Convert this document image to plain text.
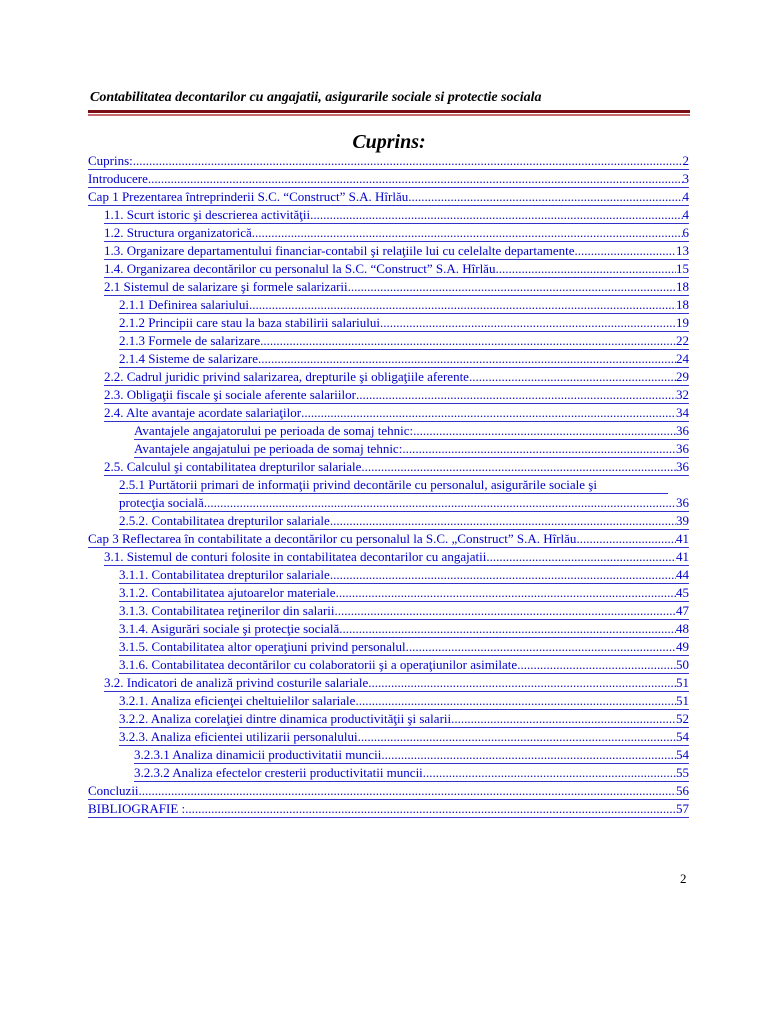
Contabilitatea decontarilor cu angajatii, asigurarile sociale si protectie sociala
Cuprins:
Cuprins: .....	2
Introducere .....	3
Cap 1 Prezentarea întreprinderii S.C. “Construct” S.A. Hîrlău .....	4
1.1. Scurt istoric şi descrierea activităţii .....	4
1.2. Structura organizatorică .....	6
1.3. Organizare departamentului financiar-contabil şi relaţiile lui cu celelalte departamente .....	13
1.4. Organizarea decontărilor cu personalul la S.C. “Construct” S.A. Hîrlău .....	15
2.1 Sistemul de salarizare şi formele salarizarii .....	18
2.1.1 Definirea salariului .....	18
2.1.2 Principii care stau la baza stabilirii salariului .....	19
2.1.3 Formele de salarizare .....	22
2.1.4 Sisteme de salarizare .....	24
2.2. Cadrul juridic privind salarizarea, drepturile şi obligaţiile aferente .....	29
2.3. Obligaţii fiscale şi sociale aferente salariilor .....	32
2.4. Alte avantaje acordate salariaţilor .....	34
Avantajele angajatorului pe perioada de somaj tehnic: .....	36
Avantajele angajatului pe perioada de somaj tehnic: .....	36
2.5. Calculul şi contabilitatea drepturilor salariale .....	36
2.5.1 Purtătorii primari de informaţii privind decontările cu personalul, asigurările sociale şi
protecţia socială .....	36
2.5.2. Contabilitatea drepturilor salariale .....	39
Cap 3 Reflectarea în contabilitate a decontărilor cu personalul la S.C. „Construct” S.A. Hîrlău .....	41
3.1. Sistemul de conturi folosite in contabilitatea decontarilor cu angajatii .....	41
3.1.1. Contabilitatea drepturilor salariale .....	44
3.1.2. Contabilitatea ajutoarelor materiale .....	45
3.1.3. Contabilitatea reţinerilor din salarii .....	47
3.1.4. Asigurări sociale şi protecţie socială .....	48
3.1.5. Contabilitatea altor operaţiuni privind personalul .....	49
3.1.6. Contabilitatea decontărilor cu colaboratorii şi a operaţiunilor asimilate .....	50
3.2. Indicatori de analiză privind costurile salariale .....	51
3.2.1. Analiza eficienţei cheltuielilor salariale .....	51
3.2.2. Analiza corelaţiei dintre dinamica productivităţii şi salarii .....	52
3.2.3. Analiza eficientei utilizarii personalului .....	54
3.2.3.1 Analiza dinamicii productivitatii muncii .....	54
3.2.3.2 Analiza efectelor cresterii productivitatii muncii .....	55
Concluzii .....	56
BIBLIOGRAFIE : .....	57
2
